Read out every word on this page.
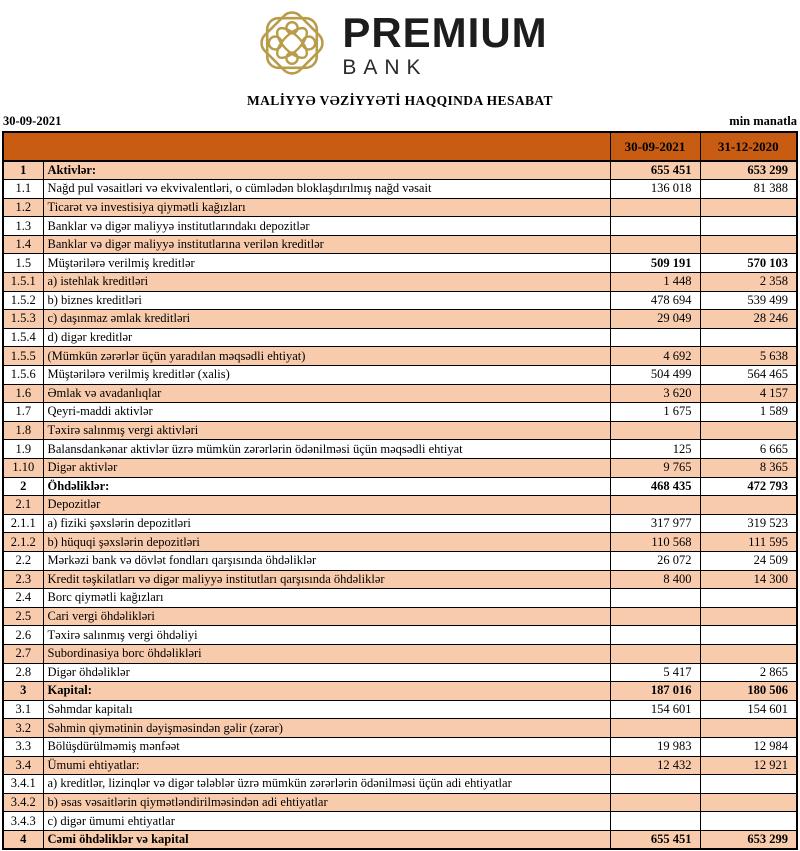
PREMIUM
BANK
MALİYYƏ VƏZİYYƏTİ HAQQINDA HESABAT
30-09-2021	min manatla
		30-09-2021	31-12-2020
1	Aktivlər:	655 451	653 299
1.1	Nağd pul vəsaitləri və ekvivalentləri, o cümlədən bloklaşdırılmış nağd vəsait	136 018	81 388
1.2	Ticarət və investisiya qiymətli kağızları		
1.3	Banklar və digər maliyyə institutlarındakı depozitlər		
1.4	Banklar və digər maliyyə institutlarına verilən kreditlər		
1.5	Müştərilərə verilmiş kreditlər	509 191	570 103
1.5.1	a) istehlak kreditləri	1 448	2 358
1.5.2	b) biznes kreditləri	478 694	539 499
1.5.3	c) daşınmaz əmlak kreditləri	29 049	28 246
1.5.4	d) digər kreditlər		
1.5.5	(Mümkün zərərlər üçün yaradılan məqsədli ehtiyat)	4 692	5 638
1.5.6	Müştərilərə verilmiş kreditlər (xalis)	504 499	564 465
1.6	Əmlak və avadanlıqlar	3 620	4 157
1.7	Qeyri-maddi aktivlər	1 675	1 589
1.8	Təxirə salınmış vergi aktivləri		
1.9	Balansdankənar aktivlər üzrə mümkün zərərlərin ödənilməsi üçün məqsədli ehtiyat	125	6 665
1.10	Digər aktivlər	9 765	8 365
2	Öhdəliklər:	468 435	472 793
2.1	Depozitlər		
2.1.1	a) fiziki şəxslərin depozitləri	317 977	319 523
2.1.2	b) hüquqi şəxslərin depozitləri	110 568	111 595
2.2	Mərkəzi bank və dövlət fondları qarşısında öhdəliklər	26 072	24 509
2.3	Kredit təşkilatları və digər maliyyə institutları qarşısında öhdəliklər	8 400	14 300
2.4	Borc qiymətli kağızları		
2.5	Cari vergi öhdəlikləri		
2.6	Təxirə salınmış vergi öhdəliyi		
2.7	Subordinasiya borc öhdəlikləri		
2.8	Digər öhdəliklər	5 417	2 865
3	Kapital:	187 016	180 506
3.1	Səhmdar kapitalı	154 601	154 601
3.2	Səhmin qiymətinin dəyişməsindən gəlir (zərər)		
3.3	Bölüşdürülməmiş mənfəət	19 983	12 984
3.4	Ümumi ehtiyatlar:	12 432	12 921
3.4.1	a) kreditlər, lizinqlər və digər tələblər üzrə mümkün zərərlərin ödənilməsi üçün adi ehtiyatlar		
3.4.2	b) əsas vəsaitlərin qiymətləndirilməsindən adi ehtiyatlar		
3.4.3	c) digər ümumi ehtiyatlar		
4	Cəmi öhdəliklər və kapital	655 451	653 299
